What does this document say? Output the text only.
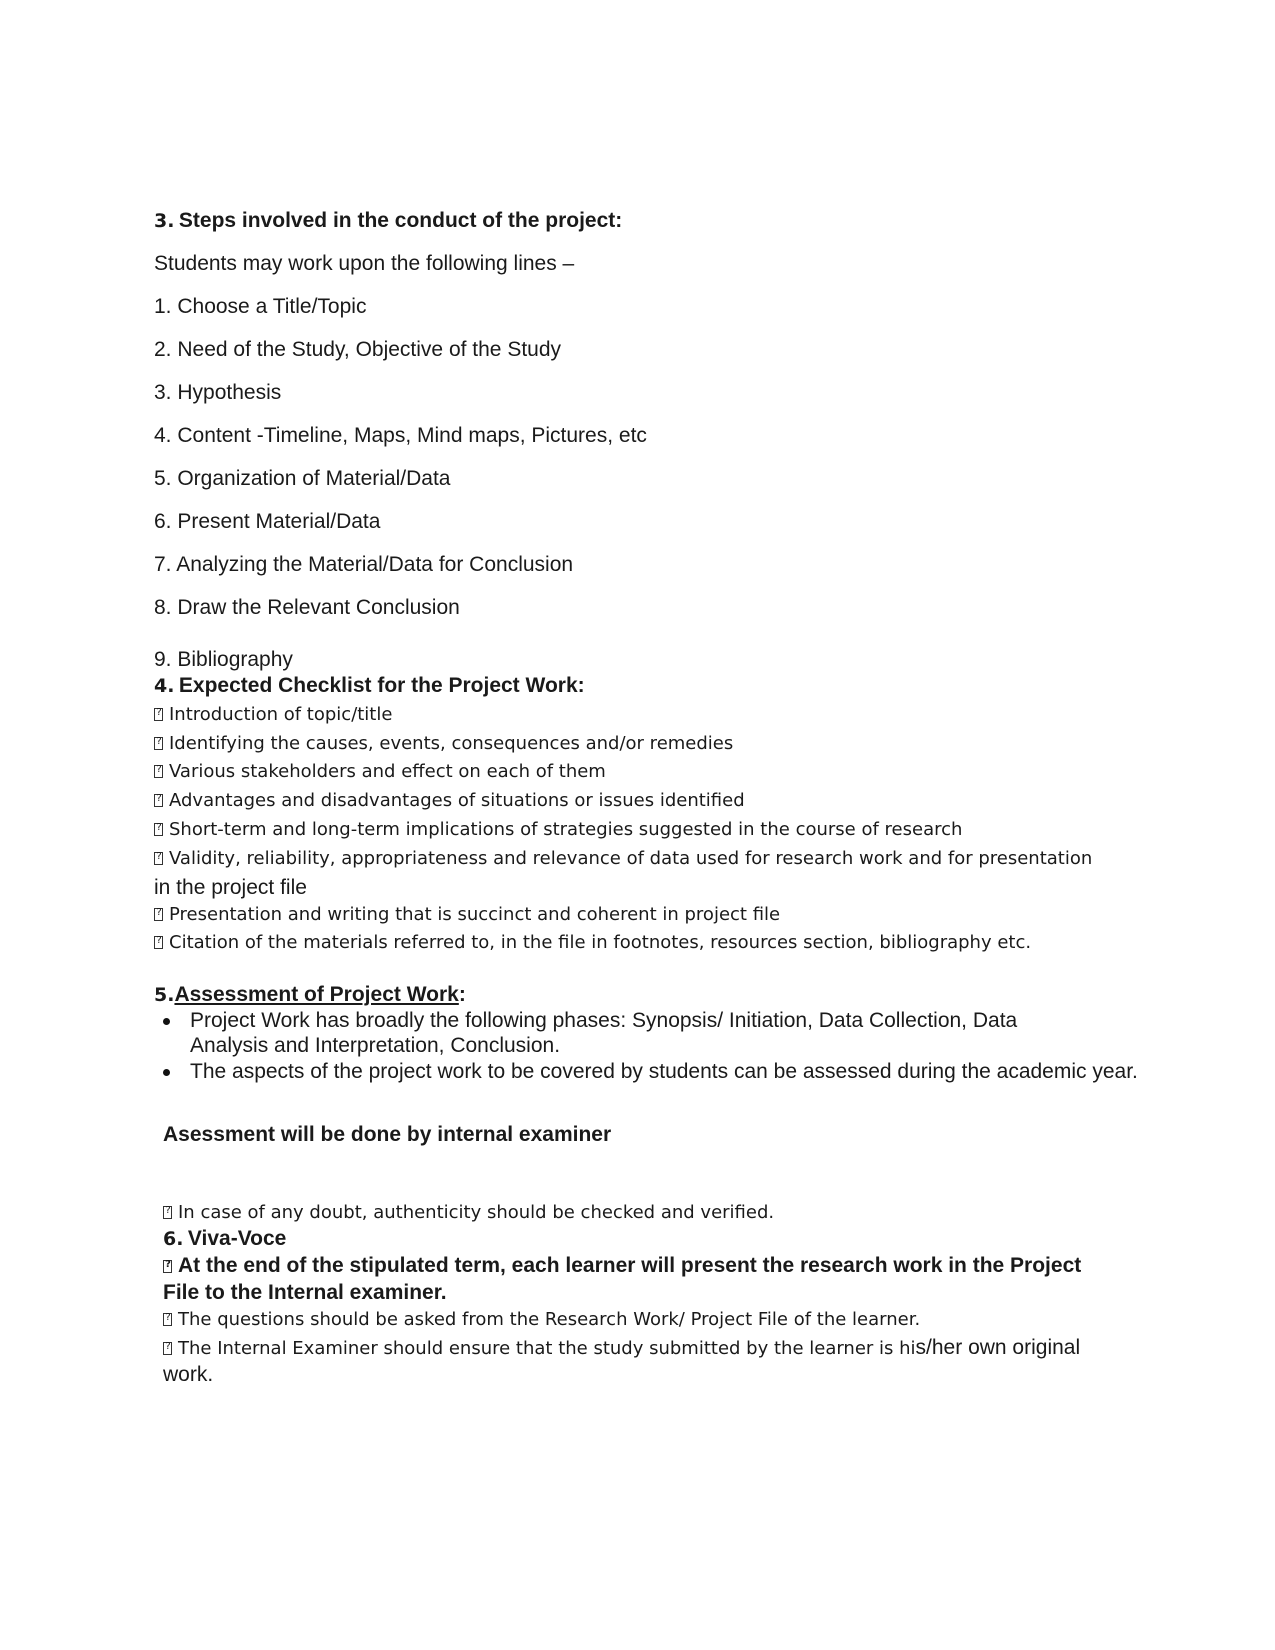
3. Steps involved in the conduct of the project:
Students may work upon the following lines –
1. Choose a Title/Topic
2. Need of the Study, Objective of the Study
3. Hypothesis
4. Content -Timeline, Maps, Mind maps, Pictures, etc
5. Organization of Material/Data
6. Present Material/Data
7. Analyzing the Material/Data for Conclusion
8. Draw the Relevant Conclusion
9. Bibliography
4. Expected Checklist for the Project Work:
?Introduction of topic/title
?Identifying the causes, events, consequences and/or remedies
?Various stakeholders and effect on each of them
?Advantages and disadvantages of situations or issues identified
?Short-term and long-term implications of strategies suggested in the course of research
?Validity, reliability, appropriateness and relevance of data used for research work and for presentation
in the project file
?Presentation and writing that is succinct and coherent in project file
?Citation of the materials referred to, in the file in footnotes, resources section, bibliography etc.
5.Assessment of Project Work:
Project Work has broadly the following phases: Synopsis/ Initiation, Data Collection, Data
Analysis and Interpretation, Conclusion.
The aspects of the project work to be covered by students can be assessed during the academic year.
Asessment will be done by internal examiner
?In case of any doubt, authenticity should be checked and verified.
6. Viva-Voce
?At the end of the stipulated term, each learner will present the research work in the Project
File to the Internal examiner.
?The questions should be asked from the Research Work/ Project File of the learner.
?The Internal Examiner should ensure that the study submitted by the learner is his/her own original
work.
